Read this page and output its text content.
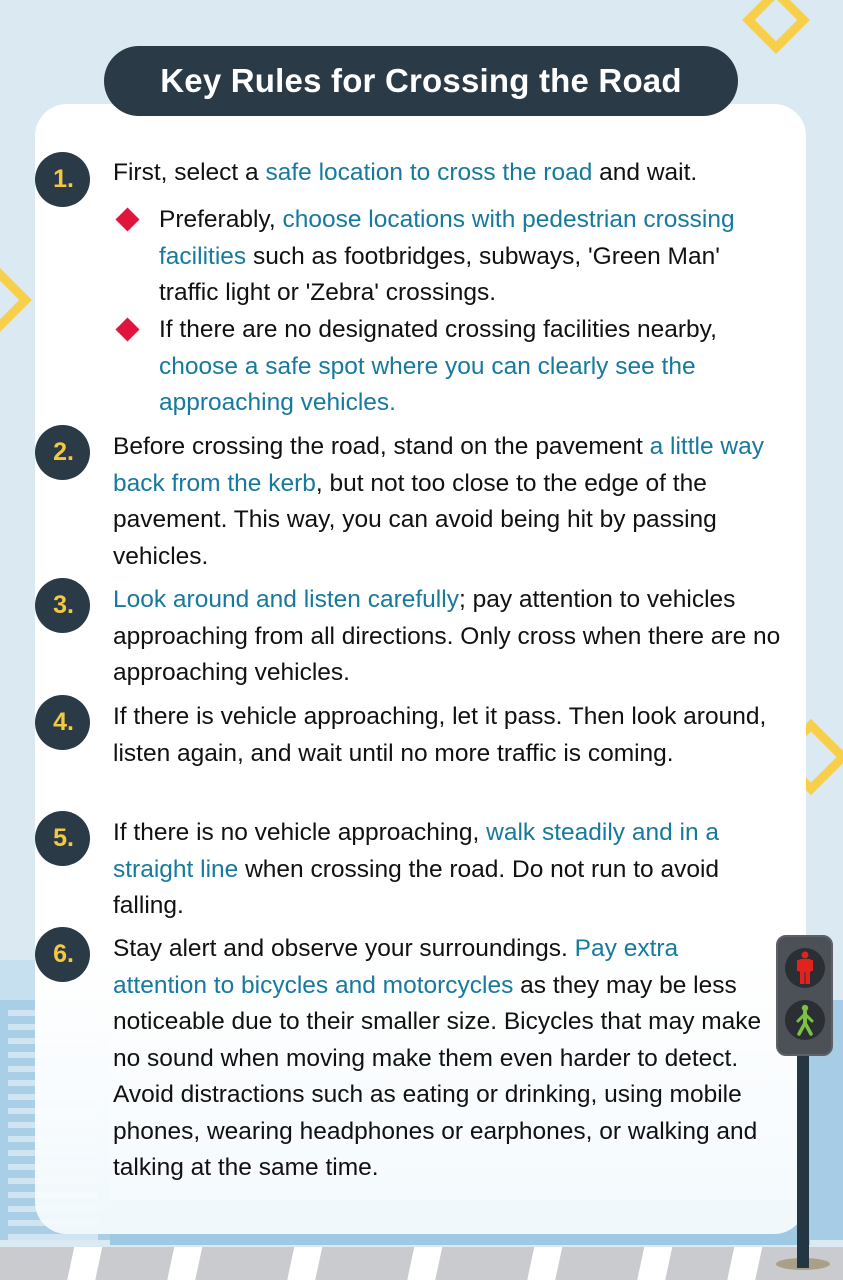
Key Rules for Crossing the Road
1.	First, select a safe location to cross the road and wait.
Preferably, choose locations with pedestrian crossing facilities such as footbridges, subways, 'Green Man' traffic light or 'Zebra' crossings.
If there are no designated crossing facilities nearby, choose a safe spot where you can clearly see the approaching vehicles.
2.	Before crossing the road, stand on the pavement a little way back from the kerb, but not too close to the edge of the pavement. This way, you can avoid being hit by passing vehicles.
3.	Look around and listen carefully; pay attention to vehicles approaching from all directions. Only cross when there are no approaching vehicles.
4.	If there is vehicle approaching, let it pass. Then look around, listen again, and wait until no more traffic is coming.
5.	If there is no vehicle approaching, walk steadily and in a straight line when crossing the road. Do not run to avoid falling.
6.	Stay alert and observe your surroundings. Pay extra attention to bicycles and motorcycles as they may be less noticeable due to their smaller size. Bicycles that may make no sound when moving make them even harder to detect. Avoid distractions such as eating or drinking, using mobile phones, wearing headphones or earphones, or walking and talking at the same time.
